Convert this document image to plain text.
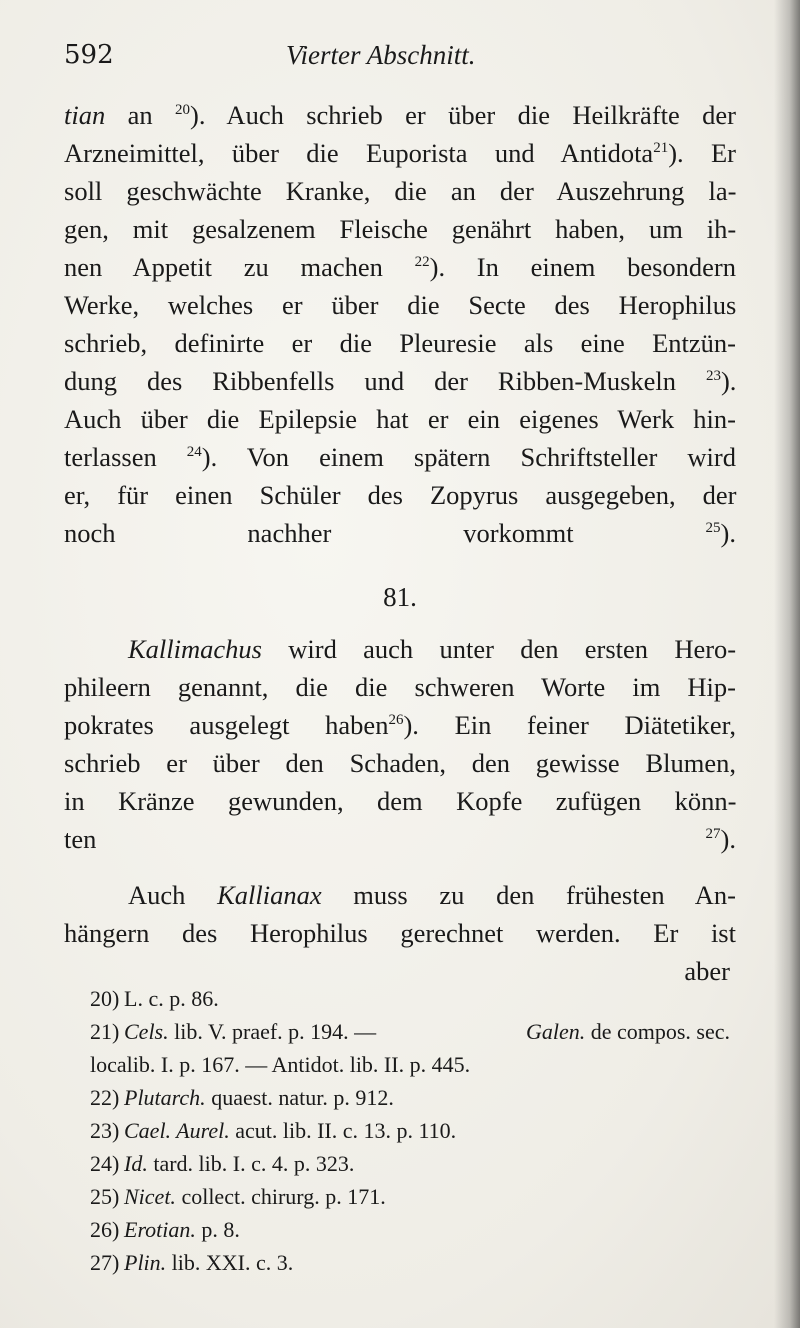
592	Vierter Abschnitt.

tian an $^{20}$). Auch schrieb er über die Heilkräfte der
Arzneimittel, über die Euporista und Antidota$^{21}$). Er
soll geschwächte Kranke, die an der Auszehrung la-
gen, mit gesalzenem Fleische genährt haben, um ih-
nen Appetit zu machen $^{22}$). In einem besondern
Werke, welches er über die Secte des Herophilus
schrieb, definirte er die Pleuresie als eine Entzün-
dung des Ribbenfells und der Ribben-Muskeln $^{23}$).
Auch über die Epilepsie hat er ein eigenes Werk hin-
terlassen $^{24}$). Von einem spätern Schriftsteller wird
er, für einen Schüler des Zopyrus ausgegeben, der
noch nachher vorkommt $^{25}$).

81.

Kallimachus wird auch unter den ersten Hero-
phileern genannt, die die schweren Worte im Hip-
pokrates ausgelegt haben$^{26}$). Ein feiner Diätetiker,
schrieb er über den Schaden, den gewisse Blumen,
in Kränze gewunden, dem Kopfe zufügen könn-
ten $^{27}$).

Auch Kallianax muss zu den frühesten An-
hängern des Herophilus gerechnet werden. Er ist

aber
20) L. c. p. 86.
21) Cels. lib. V. praef. p. 194. —	Galen. de compos. sec.
localib. I. p. 167. — Antidot. lib. II. p. 445.
22) Plutarch. quaest. natur. p. 912.
23) Cael. Aurel. acut. lib. II. c. 13. p. 110.
24) Id. tard. lib. I. c. 4. p. 323.
25) Nicet. collect. chirurg. p. 171.
26) Erotian. p. 8.
27) Plin. lib. XXI. c. 3.
